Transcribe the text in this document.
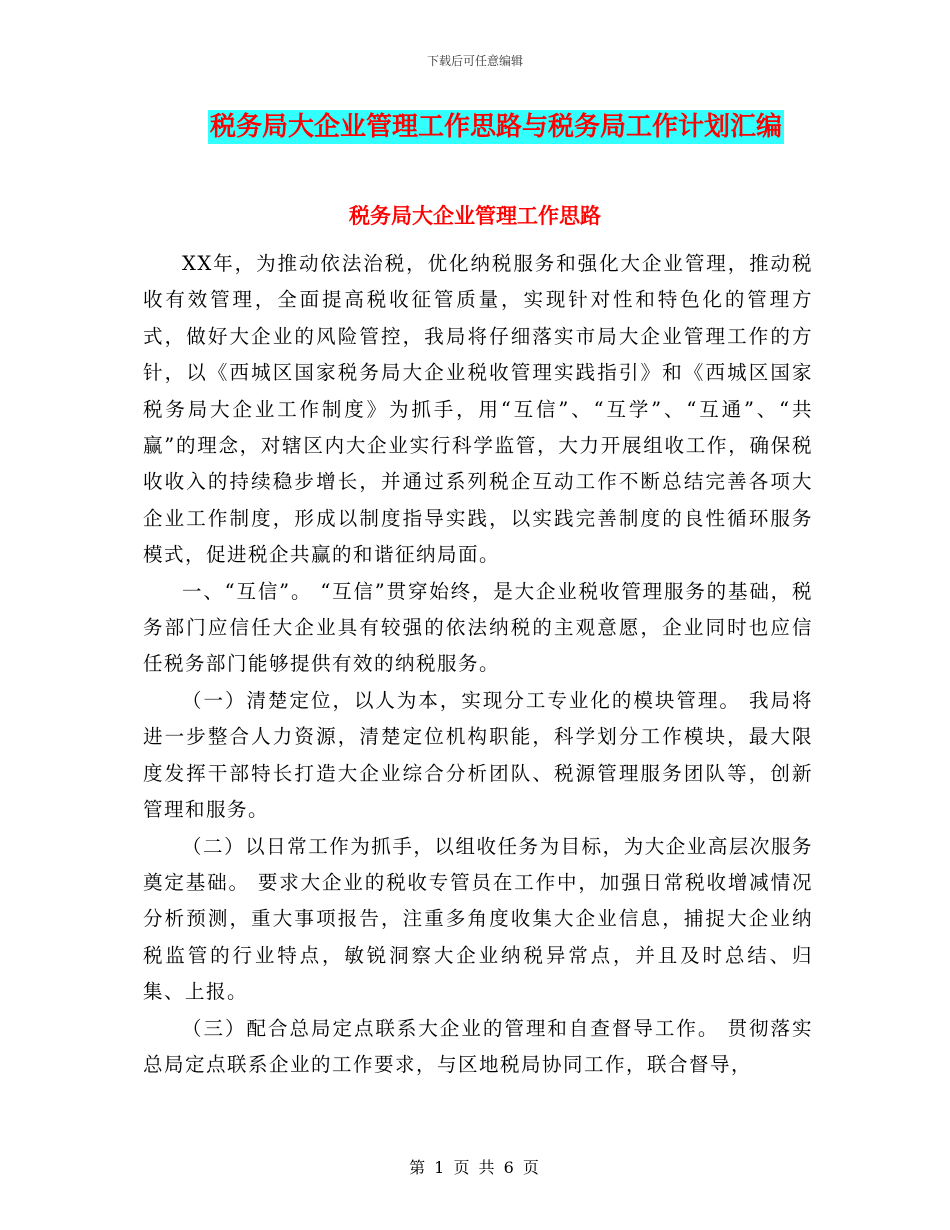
下载后可任意编辑
税务局大企业管理工作思路与税务局工作计划汇编
税务局大企业管理工作思路

XX年，为推动依法治税，优化纳税服务和强化大企业管理，推动税收有效管理，全面提高税收征管质量，实现针对性和特色化的管理方式，做好大企业的风险管控，我局将仔细落实市局大企业管理工作的方针，以《西城区国家税务局大企业税收管理实践指引》和《西城区国家税务局大企业工作制度》为抓手，用“互信”、“互学”、“互通”、“共赢”的理念，对辖区内大企业实行科学监管，大力开展组收工作，确保税收收入的持续稳步增长，并通过系列税企互动工作不断总结完善各项大企业工作制度，形成以制度指导实践，以实践完善制度的良性循环服务模式，促进税企共赢的和谐征纳局面。

一、“互信”。 “互信”贯穿始终，是大企业税收管理服务的基础，税务部门应信任大企业具有较强的依法纳税的主观意愿，企业同时也应信任税务部门能够提供有效的纳税服务。

（一）清楚定位，以人为本，实现分工专业化的模块管理。 我局将进一步整合人力资源，清楚定位机构职能，科学划分工作模块，最大限度发挥干部特长打造大企业综合分析团队、税源管理服务团队等，创新管理和服务。

（二）以日常工作为抓手，以组收任务为目标，为大企业高层次服务奠定基础。 要求大企业的税收专管员在工作中，加强日常税收增减情况分析预测，重大事项报告，注重多角度收集大企业信息，捕捉大企业纳税监管的行业特点，敏锐洞察大企业纳税异常点，并且及时总结、归集、上报。

（三）配合总局定点联系大企业的管理和自查督导工作。 贯彻落实总局定点联系企业的工作要求，与区地税局协同工作，联合督导，

第 1 页 共 6 页
